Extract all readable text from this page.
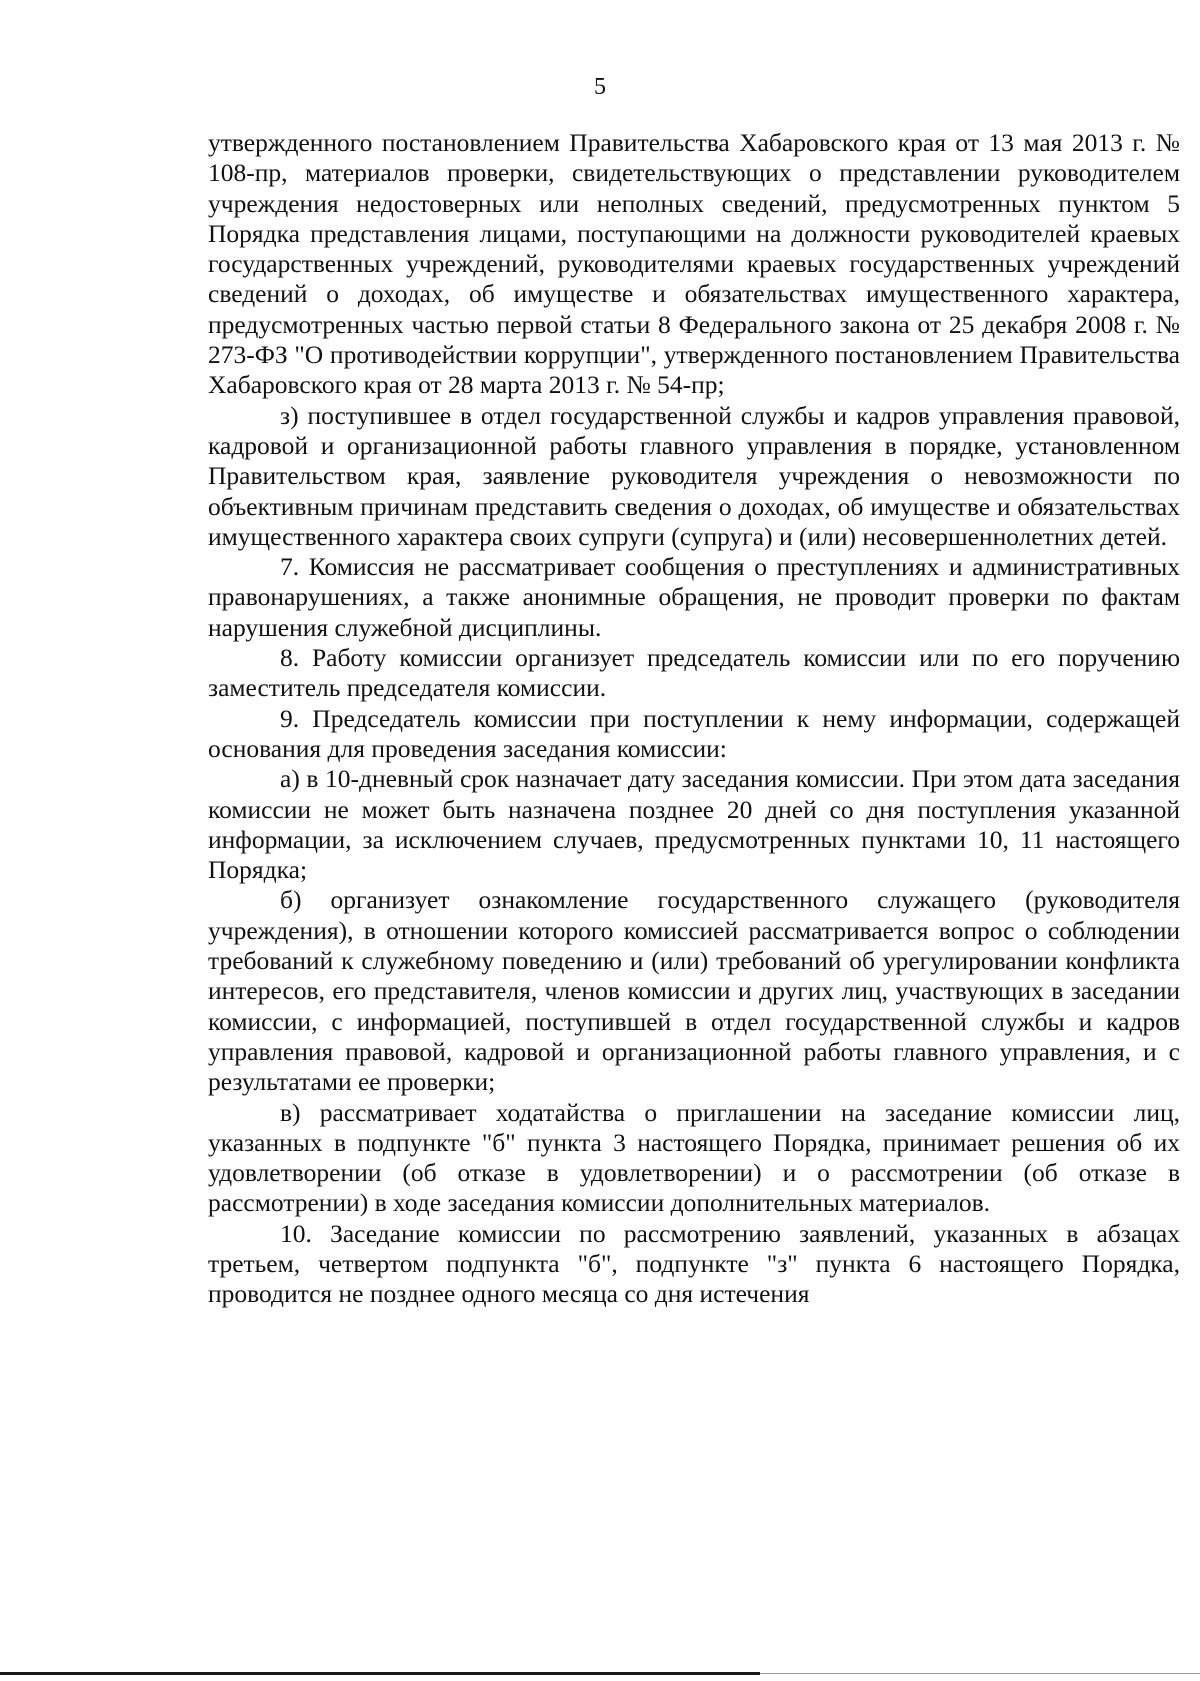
5

утвержденного постановлением Правительства Хабаровского края от 13 мая 2013 г. № 108-пр, материалов проверки, свидетельствующих о представлении руководителем учреждения недостоверных или неполных сведений, предусмотренных пунктом 5 Порядка представления лицами, поступающими на должности руководителей краевых государственных учреждений, руководителями краевых государственных учреждений сведений о доходах, об имуществе и обязательствах имущественного характера, предусмотренных частью первой статьи 8 Федерального закона от 25 декабря 2008 г. № 273-ФЗ "О противодействии коррупции", утвержденного постановлением Правительства Хабаровского края от 28 марта 2013 г. № 54-пр;

з) поступившее в отдел государственной службы и кадров управления правовой, кадровой и организационной работы главного управления в порядке, установленном Правительством края, заявление руководителя учреждения о невозможности по объективным причинам представить сведения о доходах, об имуществе и обязательствах имущественного характера своих супруги (супруга) и (или) несовершеннолетних детей.

7. Комиссия не рассматривает сообщения о преступлениях и административных правонарушениях, а также анонимные обращения, не проводит проверки по фактам нарушения служебной дисциплины.

8. Работу комиссии организует председатель комиссии или по его поручению заместитель председателя комиссии.

9. Председатель комиссии при поступлении к нему информации, содержащей основания для проведения заседания комиссии:

а) в 10-дневный срок назначает дату заседания комиссии. При этом дата заседания комиссии не может быть назначена позднее 20 дней со дня поступления указанной информации, за исключением случаев, предусмотренных пунктами 10, 11 настоящего Порядка;

б) организует ознакомление государственного служащего (руководителя учреждения), в отношении которого комиссией рассматривается вопрос о соблюдении требований к служебному поведению и (или) требований об урегулировании конфликта интересов, его представителя, членов комиссии и других лиц, участвующих в заседании комиссии, с информацией, поступившей в отдел государственной службы и кадров управления правовой, кадровой и организационной работы главного управления, и с результатами ее проверки;

в) рассматривает ходатайства о приглашении на заседание комиссии лиц, указанных в подпункте "б" пункта 3 настоящего Порядка, принимает решения об их удовлетворении (об отказе в удовлетворении) и о рассмотрении (об отказе в рассмотрении) в ходе заседания комиссии дополнительных материалов.

10. Заседание комиссии по рассмотрению заявлений, указанных в абзацах третьем, четвертом подпункта "б", подпункте "з" пункта 6 настоящего Порядка, проводится не позднее одного месяца со дня истечения
